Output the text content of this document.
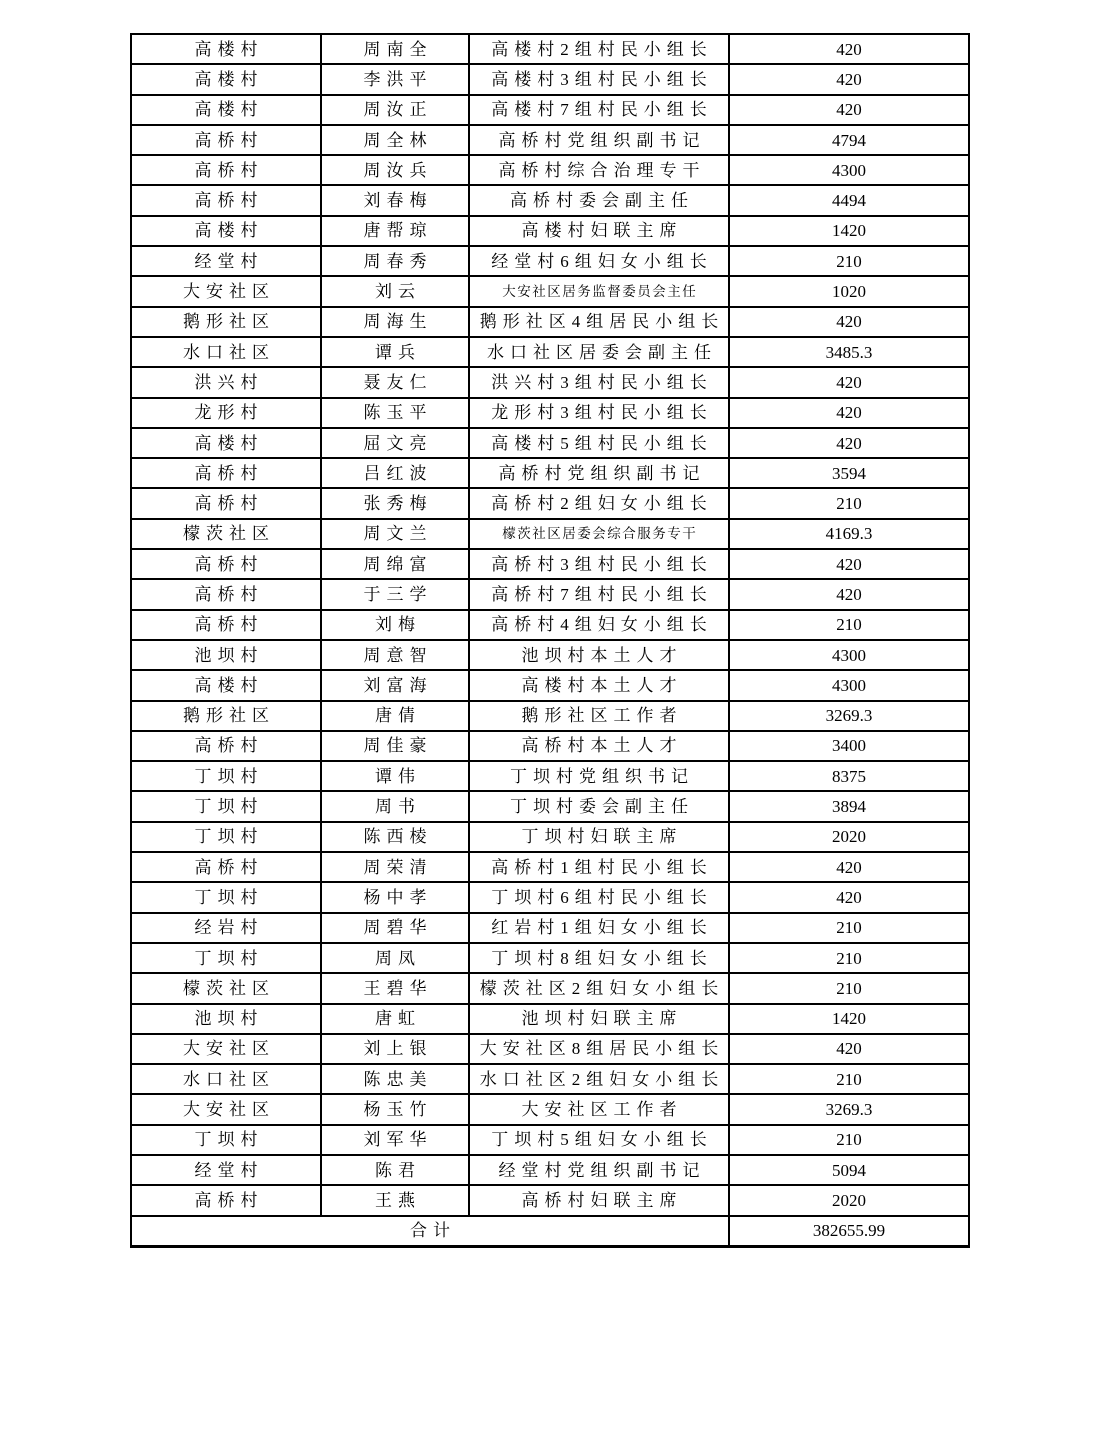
高楼村	周南全	高楼村2组村民小组长	420
高楼村	李洪平	高楼村3组村民小组长	420
高楼村	周汝正	高楼村7组村民小组长	420
高桥村	周全林	高桥村党组织副书记	4794
高桥村	周汝兵	高桥村综合治理专干	4300
高桥村	刘春梅	高桥村委会副主任	4494
高楼村	唐帮琼	高楼村妇联主席	1420
经堂村	周春秀	经堂村6组妇女小组长	210
大安社区	刘云	大安社区居务监督委员会主任	1020
鹅形社区	周海生	鹅形社区4组居民小组长	420
水口社区	谭兵	水口社区居委会副主任	3485.3
洪兴村	聂友仁	洪兴村3组村民小组长	420
龙形村	陈玉平	龙形村3组村民小组长	420
高楼村	屈文亮	高楼村5组村民小组长	420
高桥村	吕红波	高桥村党组织副书记	3594
高桥村	张秀梅	高桥村2组妇女小组长	210
檬茨社区	周文兰	檬茨社区居委会综合服务专干	4169.3
高桥村	周绵富	高桥村3组村民小组长	420
高桥村	于三学	高桥村7组村民小组长	420
高桥村	刘梅	高桥村4组妇女小组长	210
池坝村	周意智	池坝村本土人才	4300
高楼村	刘富海	高楼村本土人才	4300
鹅形社区	唐倩	鹅形社区工作者	3269.3
高桥村	周佳豪	高桥村本土人才	3400
丁坝村	谭伟	丁坝村党组织书记	8375
丁坝村	周书	丁坝村委会副主任	3894
丁坝村	陈西棱	丁坝村妇联主席	2020
高桥村	周荣清	高桥村1组村民小组长	420
丁坝村	杨中孝	丁坝村6组村民小组长	420
经岩村	周碧华	红岩村1组妇女小组长	210
丁坝村	周凤	丁坝村8组妇女小组长	210
檬茨社区	王碧华	檬茨社区2组妇女小组长	210
池坝村	唐虹	池坝村妇联主席	1420
大安社区	刘上银	大安社区8组居民小组长	420
水口社区	陈忠美	水口社区2组妇女小组长	210
大安社区	杨玉竹	大安社区工作者	3269.3
丁坝村	刘军华	丁坝村5组妇女小组长	210
经堂村	陈君	经堂村党组织副书记	5094
高桥村	王燕	高桥村妇联主席	2020
合计			382655.99
